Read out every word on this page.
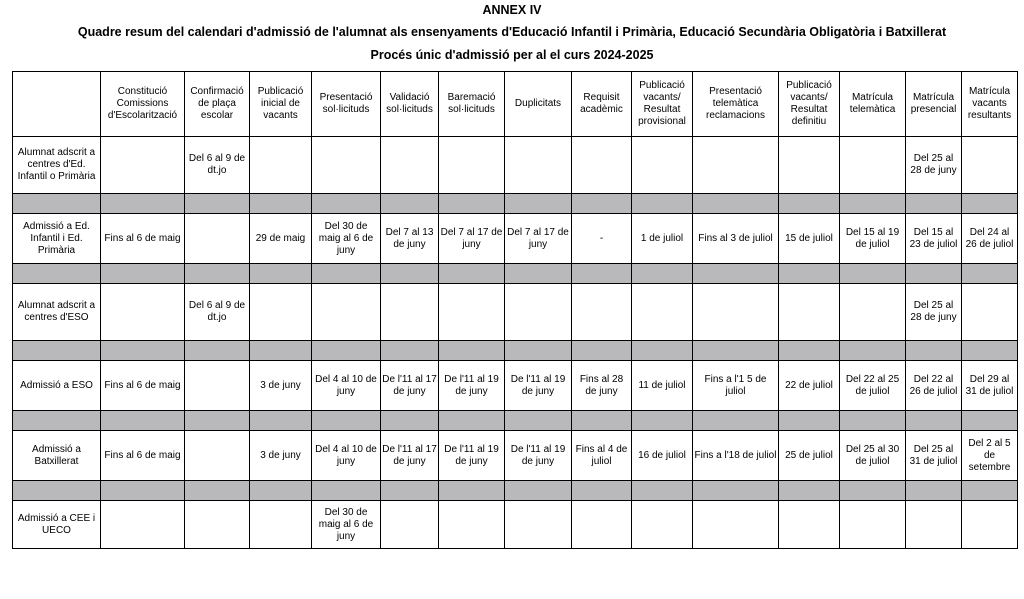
ANNEX IV
Quadre resum del calendari d'admissió de l'alumnat als ensenyaments d'Educació Infantil i Primària, Educació Secundària Obligatòria i Batxillerat
Procés únic d'admissió per al el curs 2024-2025
	Constitució Comissions d'Escolarització	Confirmació de plaça escolar	Publicació inicial de vacants	Presentació sol·licituds	Validació sol·licituds	Baremació sol·licituds	Duplicitats	Requisit acadèmic	Publicació vacants/ Resultat provisional	Presentació telemàtica reclamacions	Publicació vacants/ Resultat definitiu	Matrícula telemàtica	Matrícula presencial	Matrícula vacants resultants
Alumnat adscrit a centres d'Ed. Infantil o Primària		Del 6 al 9 de dt.jo											Del 25 al 28 de juny	

Admissió a Ed. Infantil i Ed. Primària	Fins al 6 de maig		29 de maig	Del 30 de maig al 6 de juny	Del 7 al 13 de juny	Del 7 al 17 de juny	Del 7 al 17 de juny	-	1 de juliol	Fins al 3 de juliol	15 de juliol	Del 15 al 19 de juliol	Del 15 al 23 de juliol	Del 24 al 26 de juliol

Alumnat adscrit a centres d'ESO		Del 6 al 9 de dt.jo											Del 25 al 28 de juny	

Admissió a ESO	Fins al 6 de maig		3 de juny	Del 4 al 10 de juny	De l'11 al 17 de juny	De l'11 al 19 de juny	De l'11 al 19 de juny	Fins al 28 de juny	11 de juliol	Fins a l'1 5 de juliol	22 de juliol	Del 22 al 25 de juliol	Del 22 al 26 de juliol	Del 29 al 31 de juliol

Admissió a Batxillerat	Fins al 6 de maig		3 de juny	Del 4 al 10 de juny	De l'11 al 17 de juny	De l'11 al 19 de juny	De l'11 al 19 de juny	Fins al 4 de juliol	16 de juliol	Fins a l'18 de juliol	25 de juliol	Del 25 al 30 de juliol	Del 25 al 31 de juliol	Del 2 al 5 de setembre

Admissió a CEE i UECO				Del 30 de maig al 6 de juny										
